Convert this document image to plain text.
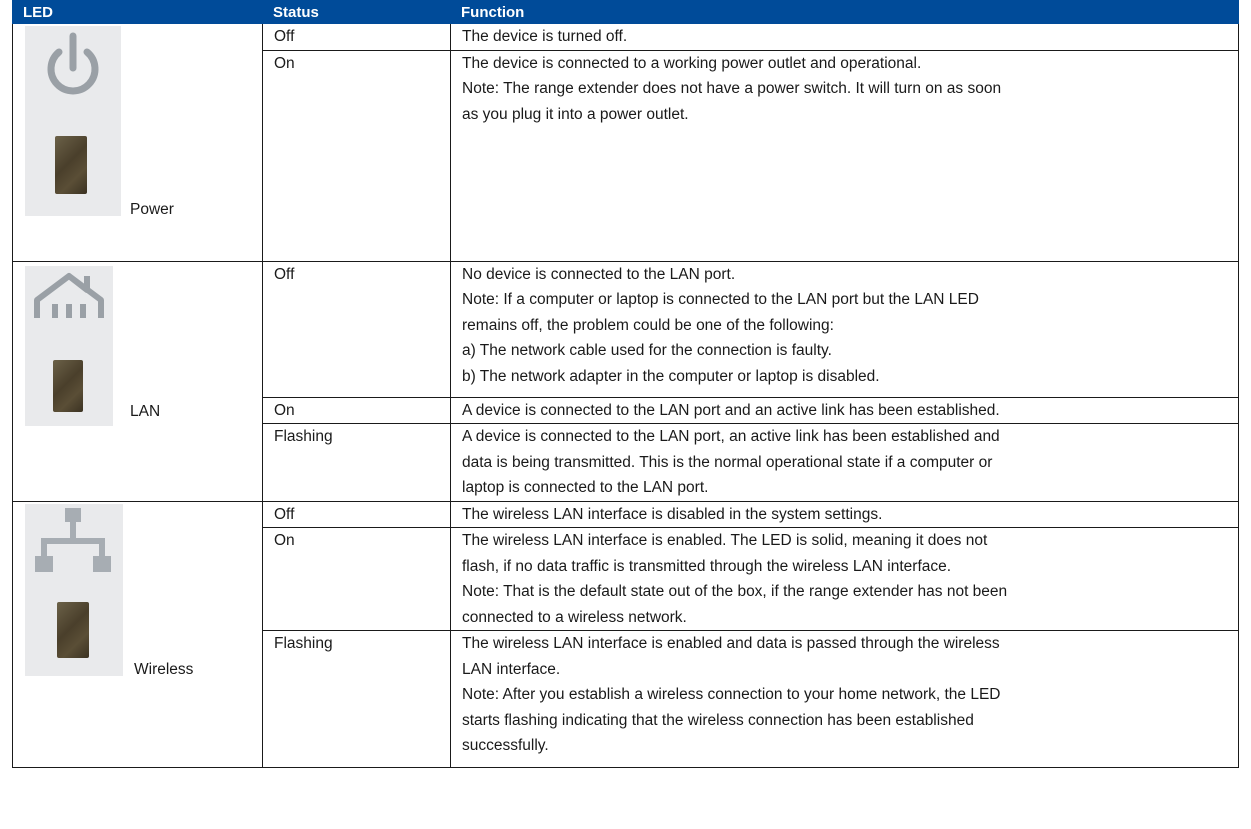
LED	Status	Function

Power	Off	The device is turned off.

	On	The device is connected to a working power outlet and operational.
Note: The range extender does not have a power switch. It will turn on as soon
as you plug it into a power outlet.

LAN	Off	No device is connected to the LAN port.
Note: If a computer or laptop is connected to the LAN port but the LAN LED
remains off, the problem could be one of the following:
a) The network cable used for the connection is faulty.
b) The network adapter in the computer or laptop is disabled.

	On	A device is connected to the LAN port and an active link has been established.

	Flashing	A device is connected to the LAN port, an active link has been established and
data is being transmitted. This is the normal operational state if a computer or
laptop is connected to the LAN port.

Wireless	Off	The wireless LAN interface is disabled in the system settings.

	On	The wireless LAN interface is enabled. The LED is solid, meaning it does not
flash, if no data traffic is transmitted through the wireless LAN interface.
Note: That is the default state out of the box, if the range extender has not been
connected to a wireless network.

	Flashing	The wireless LAN interface is enabled and data is passed through the wireless
LAN interface.
Note: After you establish a wireless connection to your home network, the LED
starts flashing indicating that the wireless connection has been established
successfully.
